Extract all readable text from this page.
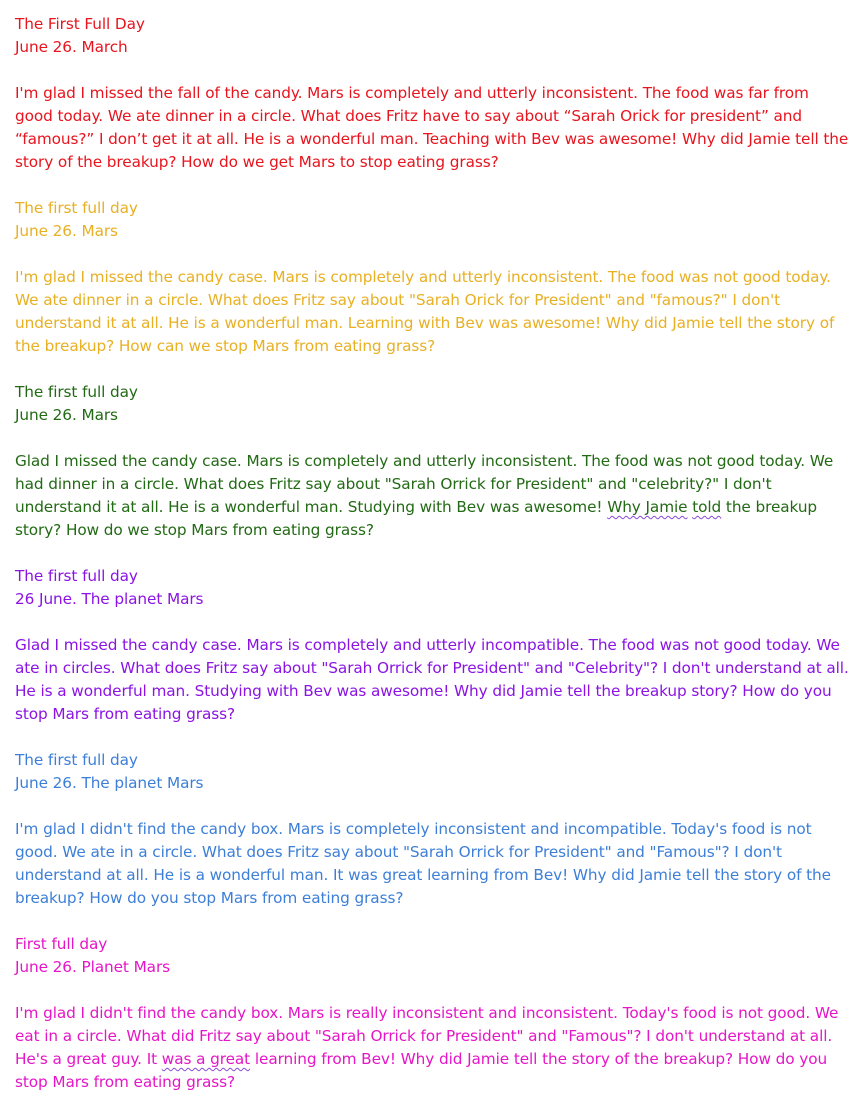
The First Full Day

June 26. March

I'm glad I missed the fall of the candy. Mars is completely and utterly inconsistent. The food was far from good today. We ate dinner in a circle. What does Fritz have to say about “Sarah Orick for president” and “famous?” I don’t get it at all. He is a wonderful man. Teaching with Bev was awesome! Why did Jamie tell the story of the breakup? How do we get Mars to stop eating grass?

The first full day

June 26. Mars

I'm glad I missed the candy case. Mars is completely and utterly inconsistent. The food was not good today. We ate dinner in a circle. What does Fritz say about "Sarah Orick for President" and "famous?" I don't understand it at all. He is a wonderful man. Learning with Bev was awesome! Why did Jamie tell the story of the breakup? How can we stop Mars from eating grass?

The first full day

June 26. Mars

Glad I missed the candy case. Mars is completely and utterly inconsistent. The food was not good today. We had dinner in a circle. What does Fritz say about "Sarah Orrick for President" and "celebrity?" I don't understand it at all. He is a wonderful man. Studying with Bev was awesome! Why Jamie told the breakup story? How do we stop Mars from eating grass?

The first full day

26 June. The planet Mars

Glad I missed the candy case. Mars is completely and utterly incompatible. The food was not good today. We ate in circles. What does Fritz say about "Sarah Orrick for President" and "Celebrity"? I don't understand at all. He is a wonderful man. Studying with Bev was awesome! Why did Jamie tell the breakup story? How do you stop Mars from eating grass?

The first full day

June 26. The planet Mars

I'm glad I didn't find the candy box. Mars is completely inconsistent and incompatible. Today's food is not good. We ate in a circle. What does Fritz say about "Sarah Orrick for President" and "Famous"? I don't understand at all. He is a wonderful man. It was great learning from Bev! Why did Jamie tell the story of the breakup? How do you stop Mars from eating grass?

First full day

June 26. Planet Mars

I'm glad I didn't find the candy box. Mars is really inconsistent and inconsistent. Today's food is not good. We eat in a circle. What did Fritz say about "Sarah Orrick for President" and "Famous"? I don't understand at all. He's a great guy. It was a great learning from Bev! Why did Jamie tell the story of the breakup? How do you stop Mars from eating grass?
